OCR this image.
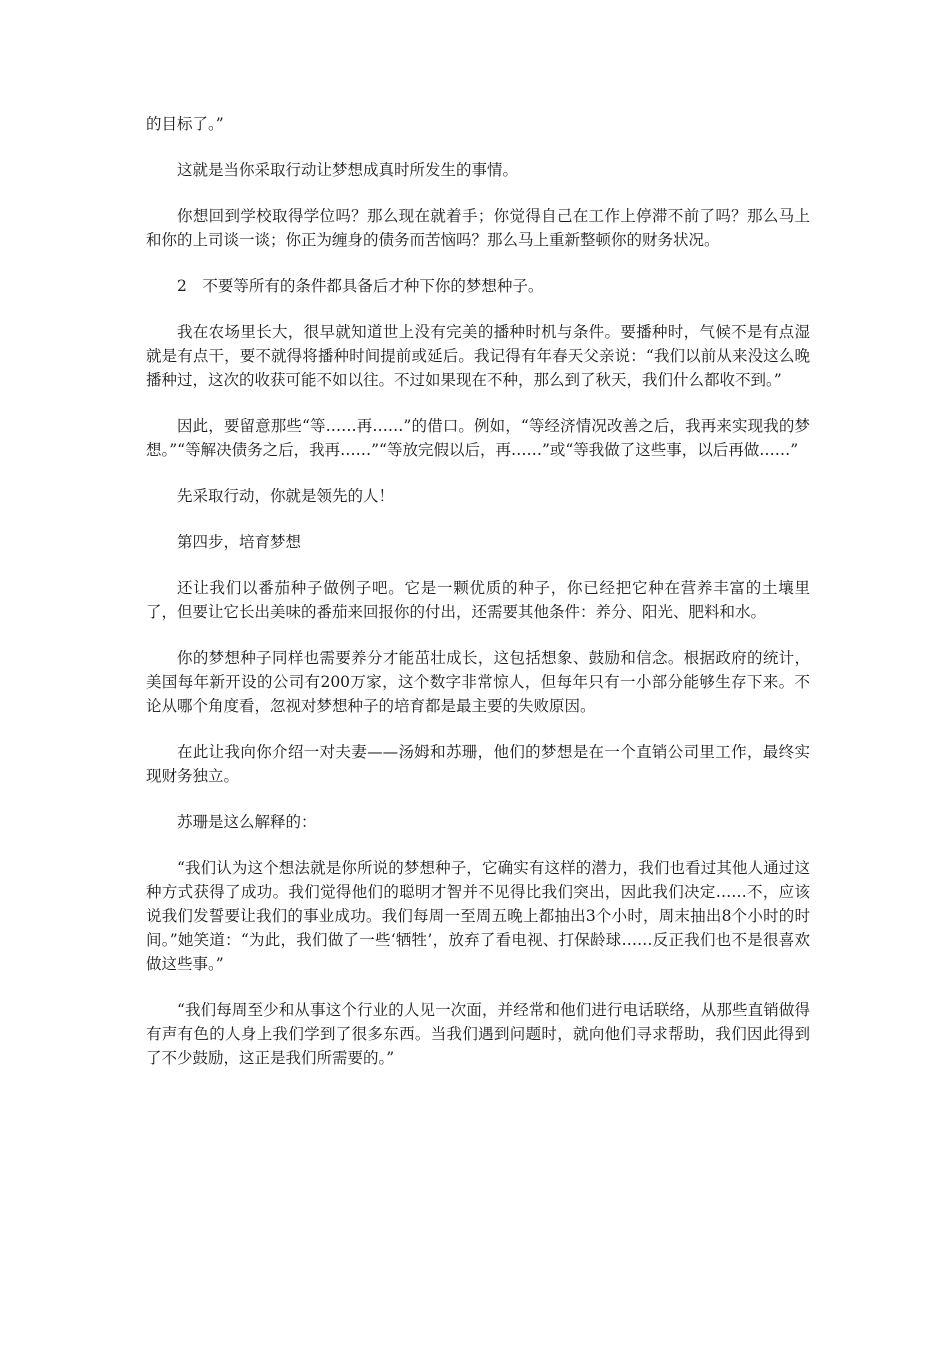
的目标了。”

这就是当你采取行动让梦想成真时所发生的事情。

你想回到学校取得学位吗？那么现在就着手；你觉得自己在工作上停滞不前了吗？那么马上和你的上司谈一谈；你正为缠身的债务而苦恼吗？那么马上重新整顿你的财务状况。

2　不要等所有的条件都具备后才种下你的梦想种子。

我在农场里长大，很早就知道世上没有完美的播种时机与条件。要播种时，气候不是有点湿就是有点干，要不就得将播种时间提前或延后。我记得有年春天父亲说：“我们以前从来没这么晚播种过，这次的收获可能不如以往。不过如果现在不种，那么到了秋天，我们什么都收不到。”

因此，要留意那些“等……再……”的借口。例如，“等经济情况改善之后，我再来实现我的梦想。”“等解决债务之后，我再……”“等放完假以后，再……”或“等我做了这些事，以后再做……”

先采取行动，你就是领先的人！

第四步，培育梦想

还让我们以番茄种子做例子吧。它是一颗优质的种子，你已经把它种在营养丰富的土壤里了，但要让它长出美味的番茄来回报你的付出，还需要其他条件：养分、阳光、肥料和水。

你的梦想种子同样也需要养分才能茁壮成长，这包括想象、鼓励和信念。根据政府的统计，美国每年新开设的公司有200万家，这个数字非常惊人，但每年只有一小部分能够生存下来。不论从哪个角度看，忽视对梦想种子的培育都是最主要的失败原因。

在此让我向你介绍一对夫妻——汤姆和苏珊，他们的梦想是在一个直销公司里工作，最终实现财务独立。

苏珊是这么解释的：

“我们认为这个想法就是你所说的梦想种子，它确实有这样的潜力，我们也看过其他人通过这种方式获得了成功。我们觉得他们的聪明才智并不见得比我们突出，因此我们决定……不，应该说我们发誓要让我们的事业成功。我们每周一至周五晚上都抽出3个小时，周末抽出8个小时的时间。”她笑道：“为此，我们做了一些‘牺牲’，放弃了看电视、打保龄球……反正我们也不是很喜欢做这些事。”

“我们每周至少和从事这个行业的人见一次面，并经常和他们进行电话联络，从那些直销做得有声有色的人身上我们学到了很多东西。当我们遇到问题时，就向他们寻求帮助，我们因此得到了不少鼓励，这正是我们所需要的。”
